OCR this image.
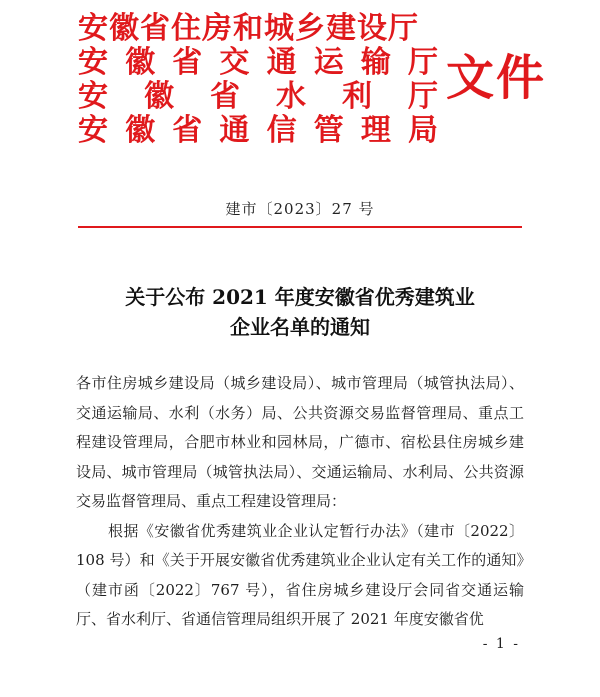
安徽省住房和城乡建设厅
安 徽 省 交 通 运 输 厅
安 徽 省 水 利 厅
安 徽 省 通 信 管 理 局
文件
建市〔2023〕27 号
关于公布 2021 年度安徽省优秀建筑业
企业名单的通知

各市住房城乡建设局（城乡建设局）、城市管理局（城管执法局）、交通运输局、水利（水务）局、公共资源交易监督管理局、重点工程建设管理局，合肥市林业和园林局，广德市、宿松县住房城乡建设局、城市管理局（城管执法局）、交通运输局、水利局、公共资源交易监督管理局、重点工程建设管理局：

根据《安徽省优秀建筑业企业认定暂行办法》（建市〔2022〕108 号）和《关于开展安徽省优秀建筑业企业认定有关工作的通知》（建市函〔2022〕767 号），省住房城乡建设厅会同省交通运输厅、省水利厅、省通信管理局组织开展了 2021 年度安徽省优

- 1 -
